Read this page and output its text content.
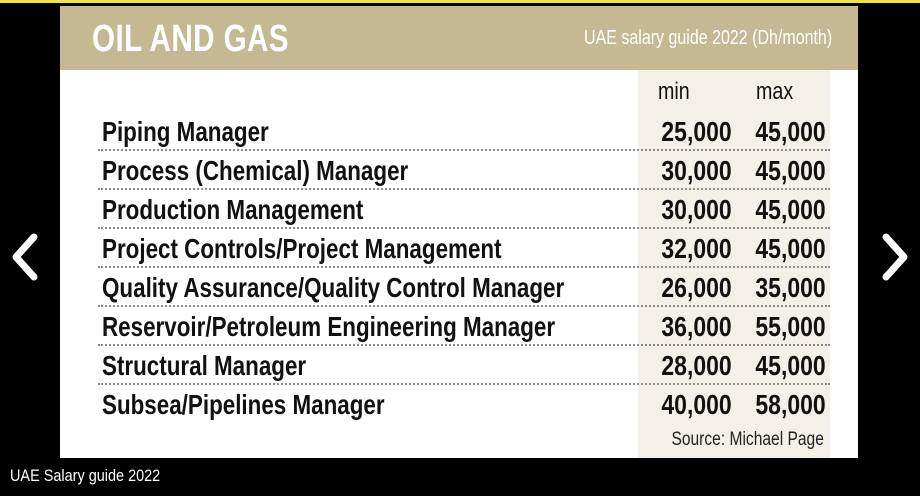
OIL AND GAS	UAE salary guide 2022 (Dh/month)
min	max
Piping Manager	25,000 45,000
Process (Chemical) Manager	30,000 45,000
Production Management	30,000 45,000
Project Controls/Project Management	32,000 45,000
Quality Assurance/Quality Control Manager	26,000 35,000
Reservoir/Petroleum Engineering Manager	36,000 55,000
Structural Manager	28,000 45,000
Subsea/Pipelines Manager	40,000 58,000
Source: Michael Page
UAE Salary guide 2022
